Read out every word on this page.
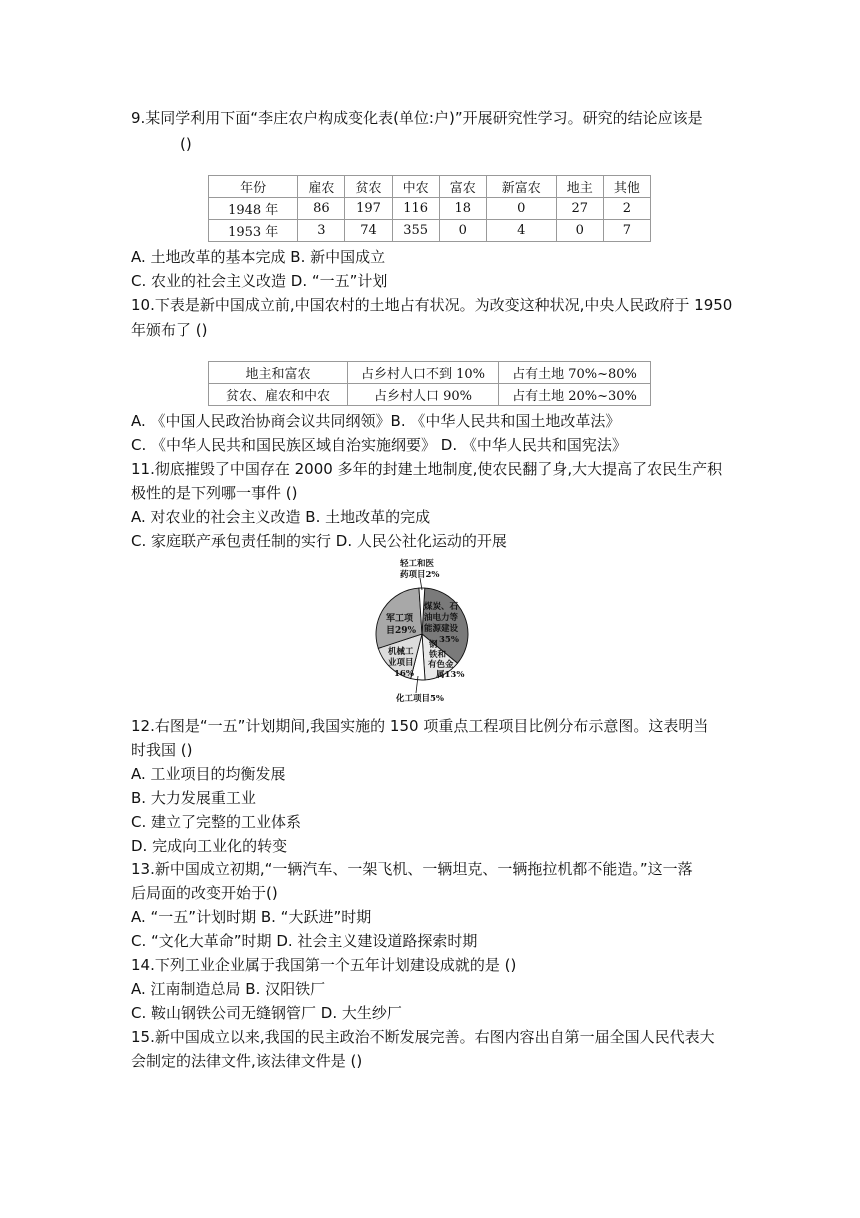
9.某同学利用下面“李庄农户构成变化表(单位:户)”开展研究性学习。研究的结论应该是
()
年份	雇农	贫农	中农	富农	新富农	地主	其他
1948 年	86	197	116	18	0	27	2
1953 年	3	74	355	0	4	0	7
A. 土地改革的基本完成 B. 新中国成立
C. 农业的社会主义改造 D. “一五”计划
10.下表是新中国成立前,中国农村的土地占有状况。为改变这种状况,中央人民政府于 1950
年颁布了 ()
地主和富农	占乡村人口不到 10%	占有土地 70%~80%
贫农、雇农和中农	占乡村人口 90%	占有土地 20%~30%
A. 《中国人民政治协商会议共同纲领》B. 《中华人民共和国土地改革法》
C. 《中华人民共和国民族区域自治实施纲要》 D. 《中华人民共和国宪法》
11.彻底摧毁了中国存在 2000 多年的封建土地制度,使农民翻了身,大大提高了农民生产积
极性的是下列哪一事件 ()
A. 对农业的社会主义改造 B. 土地改革的完成
C. 家庭联产承包责任制的实行 D. 人民公社化运动的开展
轻工和医
药项目2%
煤炭、石
油电力等
能源建设
35%
军工项
目29%
机械工
业项目
16%
钢
铁和
有色金
属13%
化工项目5%
12.右图是“一五”计划期间,我国实施的 150 项重点工程项目比例分布示意图。这表明当
时我国 ()
A. 工业项目的均衡发展
B. 大力发展重工业
C. 建立了完整的工业体系
D. 完成向工业化的转变
13.新中国成立初期,“一辆汽车、一架飞机、一辆坦克、一辆拖拉机都不能造。”这一落
后局面的改变开始于()
A. “一五”计划时期 B. “大跃进”时期
C. “文化大革命”时期 D. 社会主义建设道路探索时期
14.下列工业企业属于我国第一个五年计划建设成就的是 ()
A. 江南制造总局 B. 汉阳铁厂
C. 鞍山钢铁公司无缝钢管厂 D. 大生纱厂
15.新中国成立以来,我国的民主政治不断发展完善。右图内容出自第一届全国人民代表大
会制定的法律文件,该法律文件是 ()
